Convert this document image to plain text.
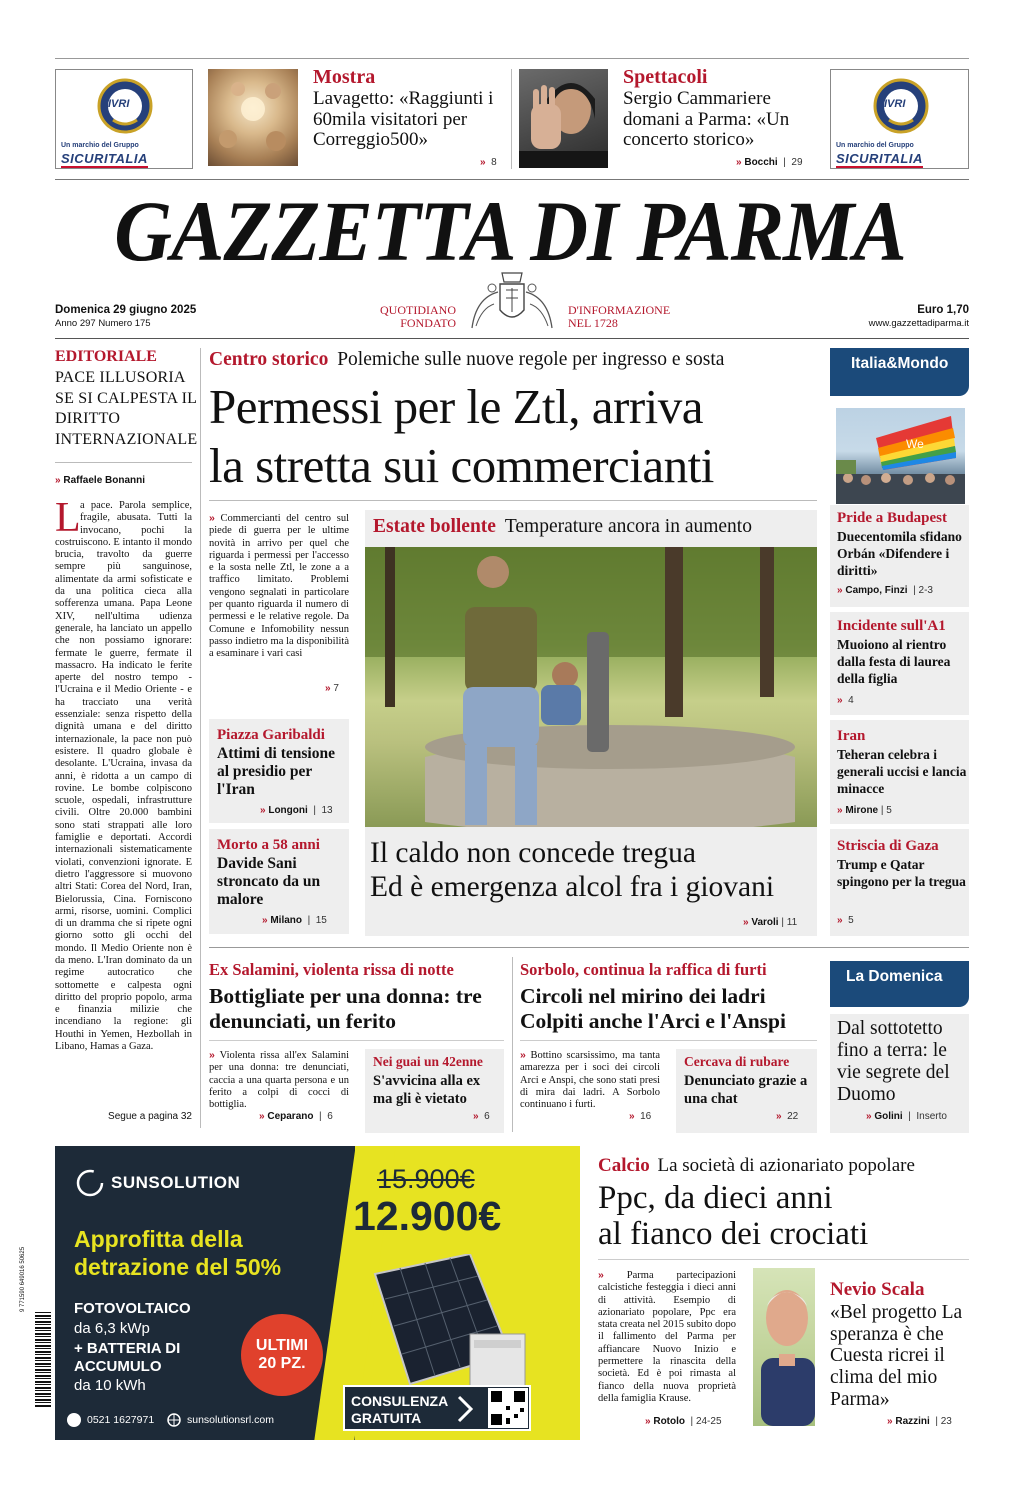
IVRI
Un marchio del Gruppo
SICURITALIA
Mostra
Lavagetto: «Raggiunti i 60mila visitatori per Correggio500»
» 8
Spettacoli
Sergio Cammariere domani a Parma: «Un concerto storico»
» Bocchi  |  29
IVRI
Un marchio del Gruppo
SICURITALIA
GAZZETTA DI PARMA
Domenica 29 giugno 2025
Anno 297 Numero 175
QUOTIDIANO
FONDATO
D'INFORMAZIONE
NEL 1728
Euro 1,70
www.gazzettadiparma.it
EDITORIALE
PACE ILLUSORIA SE SI CALPESTA IL DIRITTO INTERNAZIONALE
» Raffaele Bonanni
L a pace. Parola semplice, fragile, abusata. Tutti la invocano, pochi la costruiscono. E intanto il mondo brucia, travolto da guerre sempre più sanguinose, alimentate da armi sofisticate e da una politica cieca alla sofferenza umana. Papa Leone XIV, nell'ultima udienza generale, ha lanciato un appello che non possiamo ignorare: fermate le guerre, fermate il massacro. Ha indicato le ferite aperte del nostro tempo - l'Ucraina e il Medio Oriente - e ha tracciato una verità essenziale: senza rispetto della dignità umana e del diritto internazionale, la pace non può esistere. Il quadro globale è desolante. L'Ucraina, invasa da anni, è ridotta a un campo di rovine. Le bombe colpiscono scuole, ospedali, infrastrutture civili. Oltre 20.000 bambini sono stati strappati alle loro famiglie e deportati. Accordi internazionali sistematicamente violati, convenzioni ignorate. E dietro l'aggressore si muovono altri Stati: Corea del Nord, Iran, Bielorussia, Cina. Forniscono armi, risorse, uomini. Complici di un dramma che si ripete ogni giorno sotto gli occhi del mondo. Il Medio Oriente non è da meno. L'Iran dominato da un regime autocratico che sottomette e calpesta ogni diritto del proprio popolo, arma e finanzia milizie che incendiano la regione: gli Houthi in Yemen, Hezbollah in Libano, Hamas a Gaza.
Segue a pagina 32
Centro storico Polemiche sulle nuove regole per ingresso e sosta
Permessi per le Ztl, arriva
la stretta sui commercianti
» Commercianti del centro sul piede di guerra per le ultime novità in arrivo per quel che riguarda i permessi per l'accesso e la sosta nelle Ztl, le zone a a traffico limitato. Problemi vengono segnalati in particolare per quanto riguarda il numero di permessi e le relative regole. Da Comune e Infomobility nessun passo indietro ma la disponibilità a esaminare i vari casi
» 7
Piazza Garibaldi
Attimi di tensione al presidio per l'Iran
» Longoni  |  13
Morto a 58 anni
Davide Sani stroncato da un malore
» Milano  |  15
Estate bollente Temperature ancora in aumento
Il caldo non concede tregua
Ed è emergenza alcol fra i giovani
» Varoli | 11
Italia&Mondo
We
Pride a Budapest
Duecentomila sfidano Orbán «Difendere i diritti»
» Campo, Finzi  | 2-3
Incidente sull'A1
Muoiono al rientro dalla festa di laurea della figlia
» 4
Iran
Teheran celebra i generali uccisi e lancia minacce
» Mirone | 5
Striscia di Gaza
Trump e Qatar spingono per la tregua
» 5
Ex Salamini, violenta rissa di notte
Bottigliate per una donna: tre denunciati, un ferito
» Violenta rissa all'ex Salamini per una donna: tre denunciati, caccia a una quarta persona e un ferito a colpi di cocci di bottiglia.
» Ceparano  |  6
Nei guai un 42enne
S'avvicina alla ex ma gli è vietato
» 6
Sorbolo, continua la raffica di furti
Circoli nel mirino dei ladri Colpiti anche l'Arci e l'Anspi
» Bottino scarsissimo, ma tanta amarezza per i soci dei circoli Arci e Anspi, che sono stati presi di mira dai ladri. A Sorbolo continuano i furti.
» 16
Cercava di rubare
Denunciato grazie a una chat
» 22
La Domenica
Dal sottotetto fino a terra: le vie segrete del Duomo
» Golini  |  Inserto
SUNSOLUTION	15.900€
12.900€
Approfitta della
detrazione del 50%
FOTOVOLTAICO
da 6,3 kWp
+ BATTERIA DI
ACCUMULO
da 10 kWh
ULTIMI
20 PZ.
CONSULENZA
GRATUITA
0521 1627971	sunsolutionsrl.com
9 771590 649016 50625
Calcio La società di azionariato popolare
Ppc, da dieci anni
al fianco dei crociati
» Parma partecipazioni calcistiche festeggia i dieci anni di attività. Esempio di azionariato popolare, Ppc era stata creata nel 2015 subito dopo il fallimento del Parma per affiancare Nuovo Inizio e permettere la rinascita della società. Ed è poi rimasta al fianco della nuova proprietà della famiglia Krause.
» Rotolo  | 24-25
Nevio Scala
«Bel progetto La speranza è che Cuesta ricrei il clima del mio Parma»
» Razzini  | 23
